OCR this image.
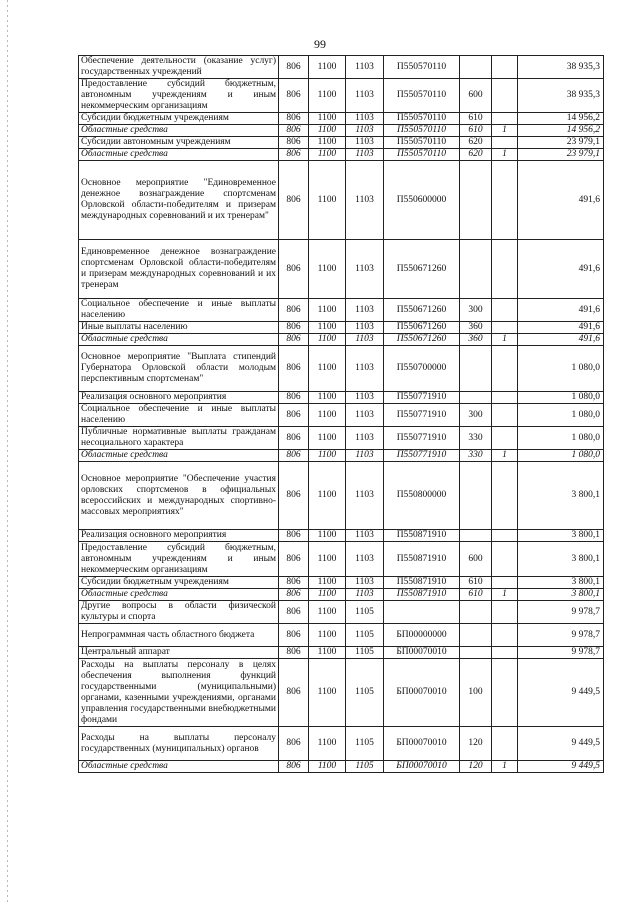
99
Обеспечение деятельности (оказание услуг) государственных учреждений	806	1100	1103	П550570110			38 935,3
Предоставление субсидий бюджетным, автономным учреждениям и иным некоммерческим организациям	806	1100	1103	П550570110	600		38 935,3
Субсидии бюджетным учреждениям	806	1100	1103	П550570110	610		14 956,2
Областные средства	806	1100	1103	П550570110	610	1	14 956,2
Субсидии автономным учреждениям	806	1100	1103	П550570110	620		23 979,1
Областные средства	806	1100	1103	П550570110	620	1	23 979,1
Основное мероприятие "Единовременное денежное вознаграждение спортсменам Орловской области-победителям и призерам международных соревнований и их тренерам"	806	1100	1103	П550600000			491,6
Единовременное денежное вознаграждение спортсменам Орловской области-победителям и призерам международных соревнований и их тренерам	806	1100	1103	П550671260			491,6
Социальное обеспечение и иные выплаты населению	806	1100	1103	П550671260	300		491,6
Иные выплаты населению	806	1100	1103	П550671260	360		491,6
Областные средства	806	1100	1103	П550671260	360	1	491,6
Основное мероприятие "Выплата стипендий Губернатора Орловской области молодым перспективным спортсменам"	806	1100	1103	П550700000			1 080,0
Реализация основного мероприятия	806	1100	1103	П550771910			1 080,0
Социальное обеспечение и иные выплаты населению	806	1100	1103	П550771910	300		1 080,0
Публичные нормативные выплаты гражданам несоциального характера	806	1100	1103	П550771910	330		1 080,0
Областные средства	806	1100	1103	П550771910	330	1	1 080,0
Основное мероприятие "Обеспечение участия орловских спортсменов в официальных всероссийских и международных спортивно-массовых мероприятиях"	806	1100	1103	П550800000			3 800,1
Реализация основного мероприятия	806	1100	1103	П550871910			3 800,1
Предоставление субсидий бюджетным, автономным учреждениям и иным некоммерческим организациям	806	1100	1103	П550871910	600		3 800,1
Субсидии бюджетным учреждениям	806	1100	1103	П550871910	610		3 800,1
Областные средства	806	1100	1103	П550871910	610	1	3 800,1
Другие вопросы в области физической культуры и спорта	806	1100	1105				9 978,7
Непрограммная часть областного бюджета	806	1100	1105	БП00000000			9 978,7
Центральный аппарат	806	1100	1105	БП00070010			9 978,7
Расходы на выплаты персоналу в целях обеспечения выполнения функций государственными (муниципальными) органами, казенными учреждениями, органами управления государственными внебюджетными фондами	806	1100	1105	БП00070010	100		9 449,5
Расходы на выплаты персоналу государственных (муниципальных) органов	806	1100	1105	БП00070010	120		9 449,5
Областные средства	806	1100	1105	БП00070010	120	1	9 449,5
